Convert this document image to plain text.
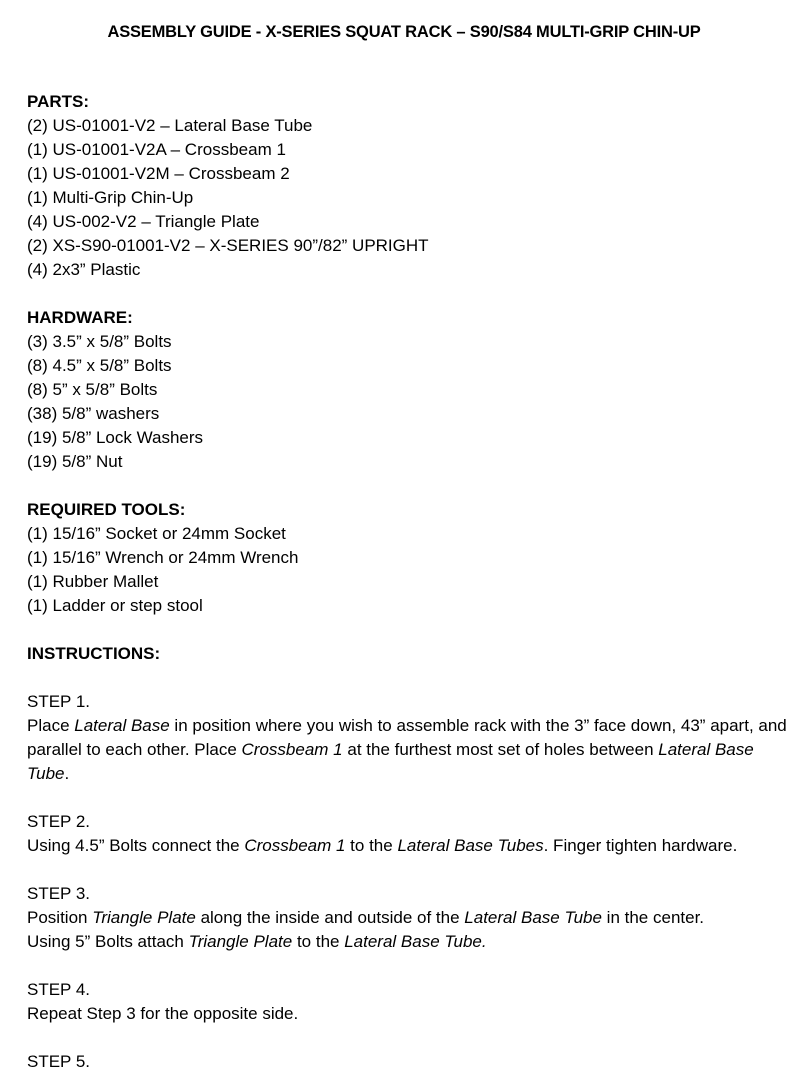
ASSEMBLY GUIDE - X-SERIES SQUAT RACK – S90/S84 MULTI-GRIP CHIN-UP
PARTS:
(2) US-01001-V2 – Lateral Base Tube
(1) US-01001-V2A – Crossbeam 1
(1) US-01001-V2M – Crossbeam 2
(1) Multi-Grip Chin-Up
(4) US-002-V2 – Triangle Plate
(2) XS-S90-01001-V2 – X-SERIES 90”/82” UPRIGHT
(4) 2x3” Plastic
HARDWARE:
(3) 3.5” x 5/8” Bolts
(8) 4.5” x 5/8” Bolts
(8) 5” x 5/8” Bolts
(38) 5/8” washers
(19) 5/8” Lock Washers
(19) 5/8” Nut
REQUIRED TOOLS:
(1) 15/16” Socket or 24mm Socket
(1) 15/16” Wrench or 24mm Wrench
(1) Rubber Mallet
(1) Ladder or step stool
INSTRUCTIONS:
STEP 1.
Place Lateral Base in position where you wish to assemble rack with the 3” face down, 43” apart, and parallel to each other. Place Crossbeam 1 at the furthest most set of holes between Lateral Base Tube.
STEP 2.
Using 4.5” Bolts connect the Crossbeam 1 to the Lateral Base Tubes. Finger tighten hardware.
STEP 3.
Position Triangle Plate along the inside and outside of the Lateral Base Tube in the center.
Using 5” Bolts attach Triangle Plate to the Lateral Base Tube.
STEP 4.
Repeat Step 3 for the opposite side.
STEP 5.
